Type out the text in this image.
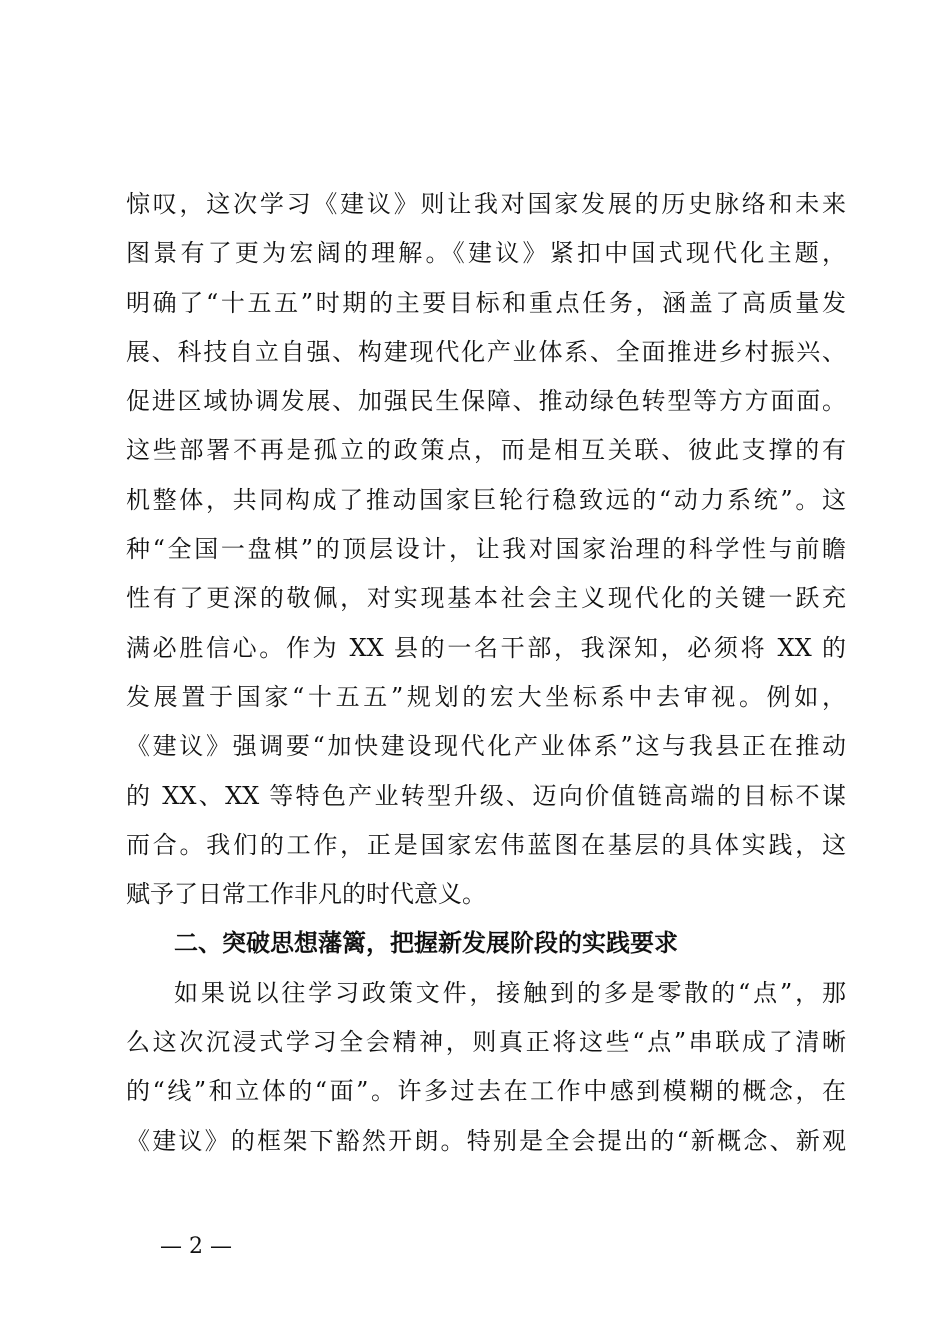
惊叹，这次学习《建议》则让我对国家发展的历史脉络和未来
图景有了更为宏阔的理解。《建议》紧扣中国式现代化主题，
明确了“十五五”时期的主要目标和重点任务，涵盖了高质量发
展、科技自立自强、构建现代化产业体系、全面推进乡村振兴、
促进区域协调发展、加强民生保障、推动绿色转型等方方面面。
这些部署不再是孤立的政策点，而是相互关联、彼此支撑的有
机整体，共同构成了推动国家巨轮行稳致远的“动力系统”。这
种“全国一盘棋”的顶层设计，让我对国家治理的科学性与前瞻
性有了更深的敬佩，对实现基本社会主义现代化的关键一跃充
满必胜信心。作为 XX 县的一名干部，我深知，必须将 XX 的
发展置于国家“十五五”规划的宏大坐标系中去审视。例如，
《建议》强调要“加快建设现代化产业体系”这与我县正在推动
的 XX、XX 等特色产业转型升级、迈向价值链高端的目标不谋
而合。我们的工作，正是国家宏伟蓝图在基层的具体实践，这
赋予了日常工作非凡的时代意义。
二、突破思想藩篱，把握新发展阶段的实践要求
如果说以往学习政策文件，接触到的多是零散的“点”，那
么这次沉浸式学习全会精神，则真正将这些“点”串联成了清晰
的“线”和立体的“面”。许多过去在工作中感到模糊的概念，在
《建议》的框架下豁然开朗。特别是全会提出的“新概念、新观
— 2 —
